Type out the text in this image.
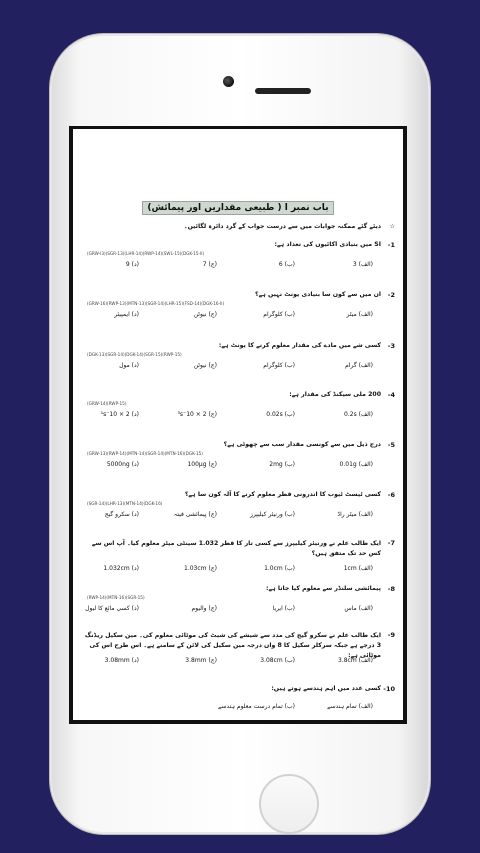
باب نمبر ا ( طبیعی مقداریں اور پیمائش)
☆
دیئے گئے ممکنہ جوابات میں سے درست جواب کے گرد دائرہ لگائیں۔
1-
SI میں بنیادی اکائیوں کی تعداد ہے:
(GRW-I3)(SGR-13)(LHR-14)(RWP-14)(SWL-15)(DGK-15-II)
(الف) 3
(ب) 6
(ج) 7
(د) 9
2-
ان میں سے کون سا بنیادی یونٹ نہیں ہے؟
(GRW-16)(RWP-13)(MTN-13)(SGR-14)(LHR-15)(FSD-14)(DGK-16-II)
(الف) میٹر
(ب) کلوگرام
(ج) نیوٹن
(د) ایمپیئر
3-
کسی شے میں مادے کی مقدار معلوم کرنے کا یونٹ ہے:
(DGK-13)(SGR-14)(DGK-14)(SGR-15)(RWP-15)
(الف) گرام
(ب) کلوگرام
(ج) نیوٹن
(د) مول
4-
200 ملی سیکنڈ کی مقدار ہے:
(GRW-14)(RWP-15)
(الف) 0.2s
(ب) 0.02s
(ج) 2 × 10⁻³s
(د) 2 × 10⁻¹s
5-
درج ذیل میں سے کونسی مقدار سب سے چھوٹی ہے؟
(GRW-13)(RWP-14)(MTN-14)(SGR-14)(MTN-16)(DGK-15)
(الف) 0.01g
(ب) 2mg
(ج) 100μg
(د) 5000ng
6-
کسی ٹیسٹ ٹیوب کا اندرونی قطر معلوم کرنے کا آلہ کون سا ہے؟
(SGR-14)(LHR-13)(MTN-14)(DGK-16)
(الف) میٹر راڈ
(ب) ورنیئر کیلیپرز
(ج) پیمائشی فیتہ
(د) سکرو گیج
7-
ایک طالب علم نے ورنیئر کیلیپرز سے کسی تار کا قطر 1.032 سینٹی میٹر معلوم کیا۔ آپ اس سے کس حد تک متفق ہیں؟
(الف) 1cm
(ب) 1.0cm
(ج) 1.03cm
(د) 1.032cm
8-
پیمائشی سلنڈر سے معلوم کیا جاتا ہے:
(RWP-14)(MTN-16)(SGR-15)
(الف) ماس
(ب) ایریا
(ج) والیوم
(د) کسی مائع کا لیول
9-
ایک طالب علم نے سکرو گیج کی مدد سے شیشے کی شیٹ کی موٹائی معلوم کی۔ مین سکیل ریڈنگ 3 درجے ہے جبکہ سرکلر سکیل کا 8 واں درجہ مین سکیل کی لائن کے سامنے ہے۔ اس طرح اس کی موٹائی ہے:
(الف) 3.8cm
(ب) 3.08cm
(ج) 3.8mm
(د) 3.08mm
10-
کسی عدد میں اہم ہندسے ہوتے ہیں:
(الف) تمام ہندسے
(ب) تمام درست معلوم ہندسے
